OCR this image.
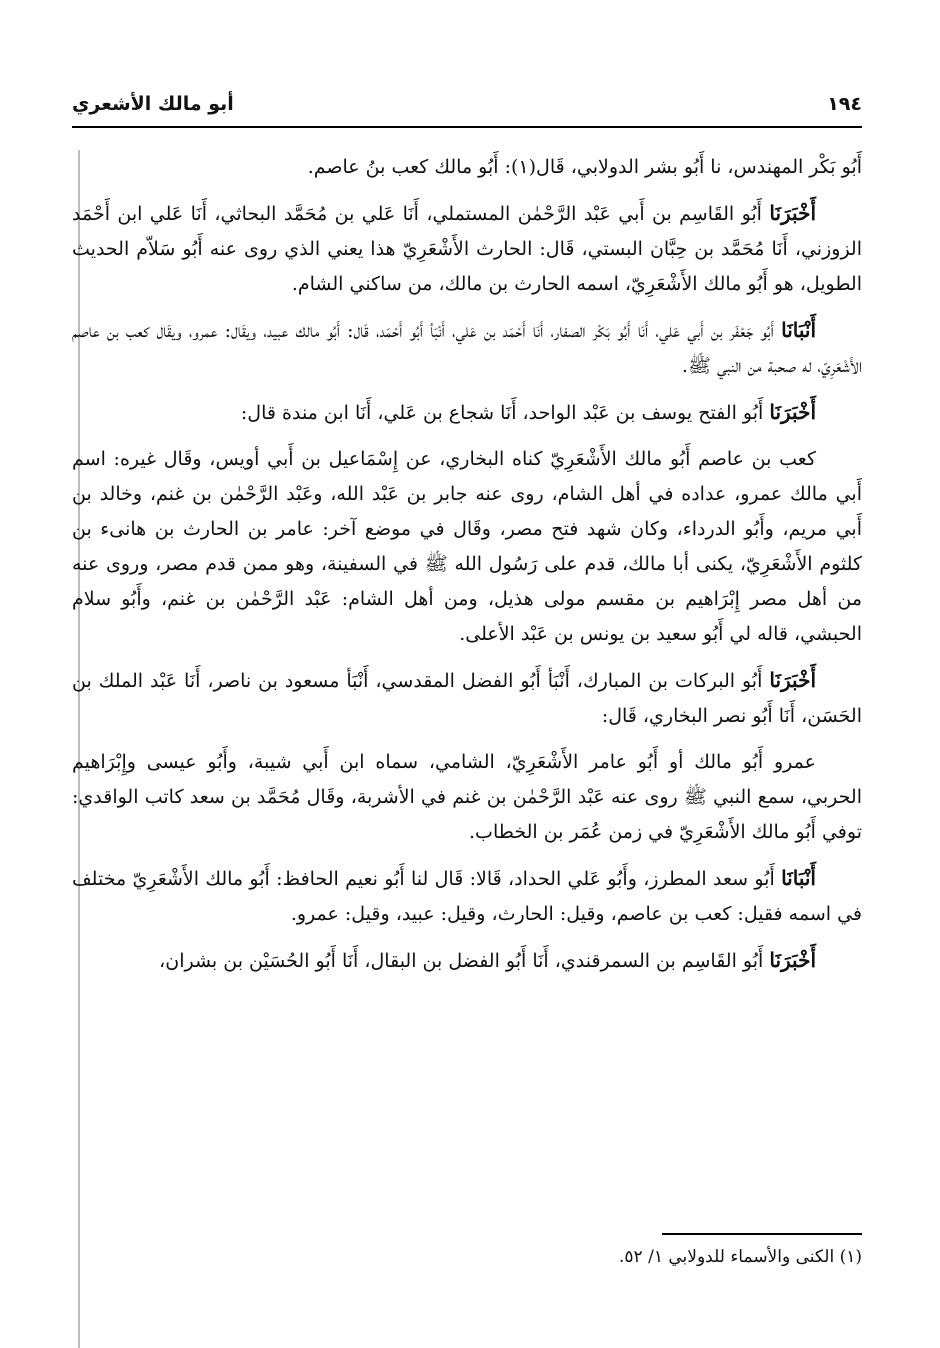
١٩٤
أبو مالك الأشعري

أَبُو بَكْر المهندس، نا أَبُو بشر الدولابي، قَال(١): أَبُو مالك كعب بنُ عاصم.

أَخْبَرَنَا أَبُو القَاسِم بن أَبي عَبْد الرَّحْمٰن المستملي، أَنَا عَلي بن مُحَمَّد البحاثي، أَنَا عَلي ابن أَحْمَد الزوزني، أَنَا مُحَمَّد بن حِبَّان البستي، قَال: الحارث الأَشْعَرِيّ هذا يعني الذي روى عنه أَبُو سَلاّم الحديث الطويل، هو أَبُو مالك الأَشْعَرِيّ، اسمه الحارث بن مالك، من ساكني الشام.

أَنْبَانَا أَبُو جَعْفَر بن أَبي عَلي، أَنَا أَبُو بَكْر الصفار، أَنَا أَحْمَد بن عَلي، أَنْبَأ أَبُو أَحْمَد، قَال: أَبُو مالك عبيد، ويقَال: عمرو، ويقَال كعب بن عاصم الأَشْعَرِيّ، له صحبة من النبي ﷺ.

أَخْبَرَنَا أَبُو الفتح يوسف بن عَبْد الواحد، أَنَا شجاع بن عَلي، أَنَا ابن مندة قال:

كعب بن عاصم أَبُو مالك الأَشْعَرِيّ كناه البخاري، عن إِسْمَاعيل بن أَبي أويس، وقَال غيره: اسم أَبي مالك عمرو، عداده في أهل الشام، روى عنه جابر بن عَبْد الله، وعَبْد الرَّحْمٰن بن غنم، وخالد بن أَبي مريم، وأَبُو الدرداء، وكان شهد فتح مصر، وقَال في موضع آخر: عامر بن الحارث بن هانىء بن كلثوم الأَشْعَرِيّ، يكنى أبا مالك، قدم على رَسُول الله ﷺ في السفينة، وهو ممن قدم مصر، وروى عنه من أهل مصر إِبْرَاهيم بن مقسم مولى هذيل، ومن أهل الشام: عَبْد الرَّحْمٰن بن غنم، وأَبُو سلام الحبشي، قاله لي أَبُو سعيد بن يونس بن عَبْد الأعلى.

أَخْبَرَنَا أَبُو البركات بن المبارك، أَنْبَأ أَبُو الفضل المقدسي، أَنْبَأ مسعود بن ناصر، أَنَا عَبْد الملك بن الحَسَن، أَنَا أَبُو نصر البخاري، قَال:

عمرو أَبُو مالك أو أَبُو عامر الأَشْعَرِيّ، الشامي، سماه ابن أَبي شيبة، وأَبُو عيسى وإِبْرَاهيم الحربي، سمع النبي ﷺ روى عنه عَبْد الرَّحْمٰن بن غنم في الأشربة، وقَال مُحَمَّد بن سعد كاتب الواقدي: توفي أَبُو مالك الأَشْعَرِيّ في زمن عُمَر بن الخطاب.

أَنْبَانَا أَبُو سعد المطرز، وأَبُو عَلي الحداد، قَالا: قَال لنا أَبُو نعيم الحافظ: أَبُو مالك الأَشْعَرِيّ مختلف في اسمه فقيل: كعب بن عاصم، وقيل: الحارث، وقيل: عبيد، وقيل: عمرو.

أَخْبَرَنَا أَبُو القَاسِم بن السمرقندي، أَنَا أَبُو الفضل بن البقال، أَنَا أَبُو الحُسَيْن بن بشران،

(١) الكنى والأسماء للدولابي ١/ ٥٢.
